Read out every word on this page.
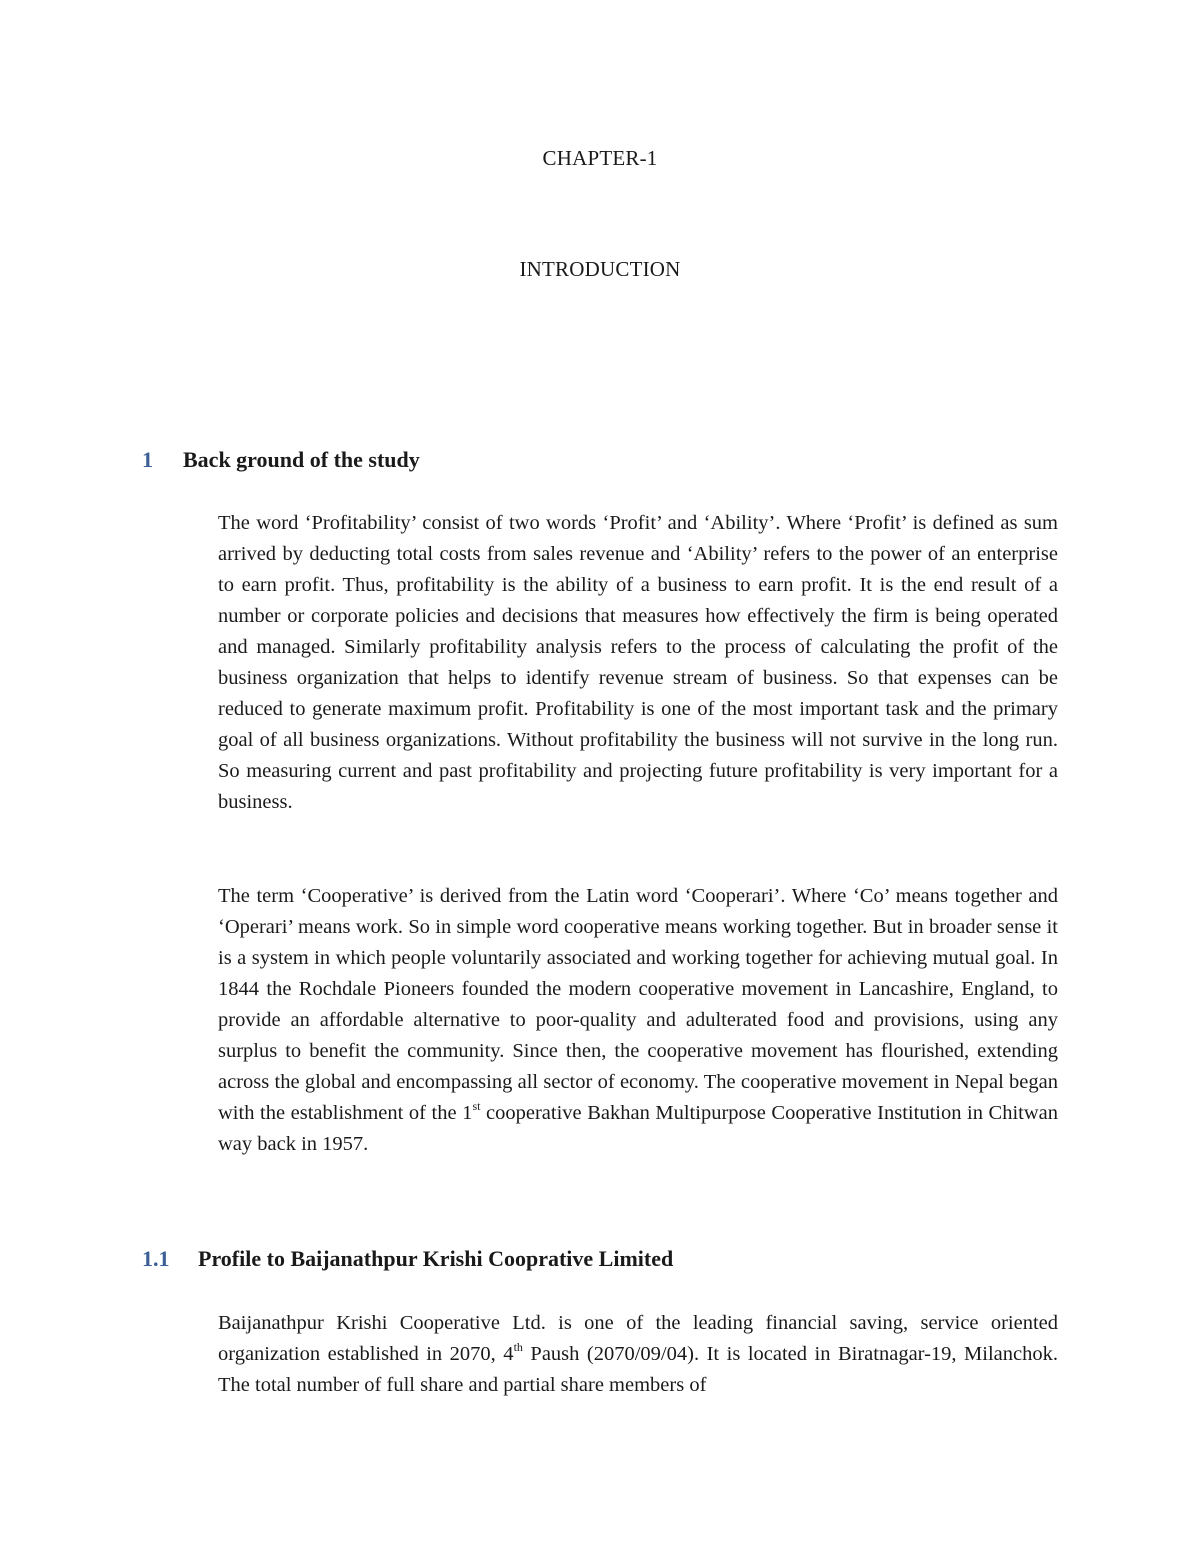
CHAPTER-1
INTRODUCTION
1 Back ground of the study

The word ‘Profitability’ consist of two words ‘Profit’ and ‘Ability’. Where ‘Profit’ is defined as sum arrived by deducting total costs from sales revenue and ‘Ability’ refers to the power of an enterprise to earn profit. Thus, profitability is the ability of a business to earn profit. It is the end result of a number or corporate policies and decisions that measures how effectively the firm is being operated and managed. Similarly profitability analysis refers to the process of calculating the profit of the business organization that helps to identify revenue stream of business. So that expenses can be reduced to generate maximum profit. Profitability is one of the most important task and the primary goal of all business organizations. Without profitability the business will not survive in the long run. So measuring current and past profitability and projecting future profitability is very important for a business.

The term ‘Cooperative’ is derived from the Latin word ‘Cooperari’. Where ‘Co’ means together and ‘Operari’ means work. So in simple word cooperative means working together. But in broader sense it is a system in which people voluntarily associated and working together for achieving mutual goal. In 1844 the Rochdale Pioneers founded the modern cooperative movement in Lancashire, England, to provide an affordable alternative to poor-quality and adulterated food and provisions, using any surplus to benefit the community. Since then, the cooperative movement has flourished, extending across the global and encompassing all sector of economy. The cooperative movement in Nepal began with the establishment of the 1st cooperative Bakhan Multipurpose Cooperative Institution in Chitwan way back in 1957.

1.1 Profile to Baijanathpur Krishi Cooprative Limited

Baijanathpur Krishi Cooperative Ltd. is one of the leading financial saving, service oriented organization established in 2070, 4th Paush (2070/09/04). It is located in Biratnagar-19, Milanchok. The total number of full share and partial share members of
